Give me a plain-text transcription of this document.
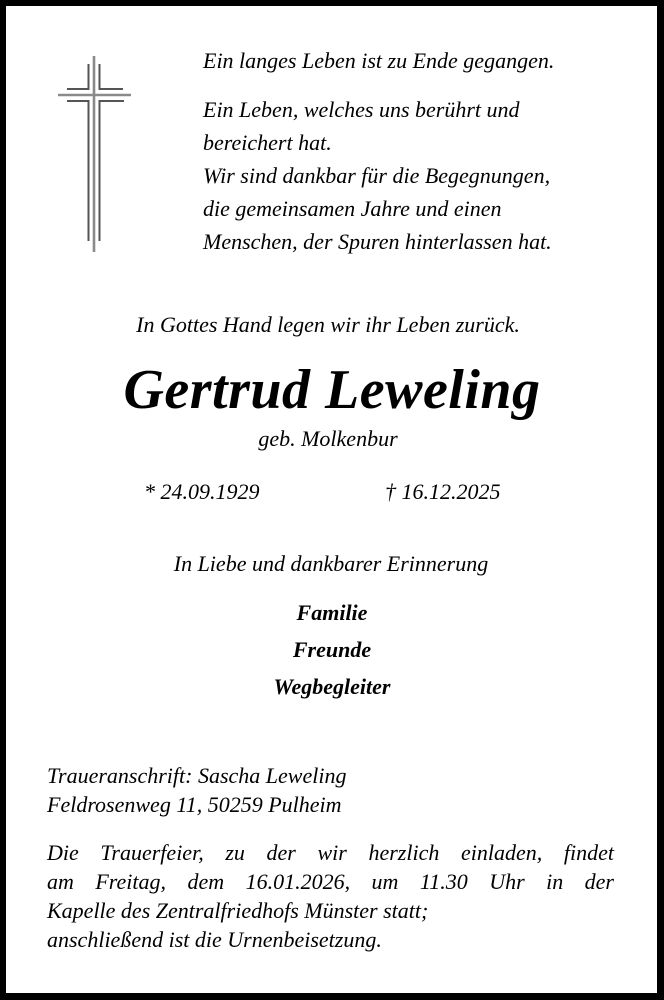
Ein langes Leben ist zu Ende gegangen.

Ein Leben, welches uns berührt und

bereichert hat.

Wir sind dankbar für die Begegnungen,

die gemeinsamen Jahre und einen

Menschen, der Spuren hinterlassen hat.

In Gottes Hand legen wir ihr Leben zurück.
Gertrud Leweling
geb. Molkenbur
* 24.09.1929	† 16.12.2025
In Liebe und dankbarer Erinnerung
Familie
Freunde
Wegbegleiter
Traueranschrift: Sascha Leweling
Feldrosenweg 11, 50259 Pulheim
Die Trauerfeier, zu der wir herzlich einladen, findet
am Freitag, dem 16.01.2026, um 11.30 Uhr in der
Kapelle des Zentralfriedhofs Münster statt;
anschließend ist die Urnenbeisetzung.
